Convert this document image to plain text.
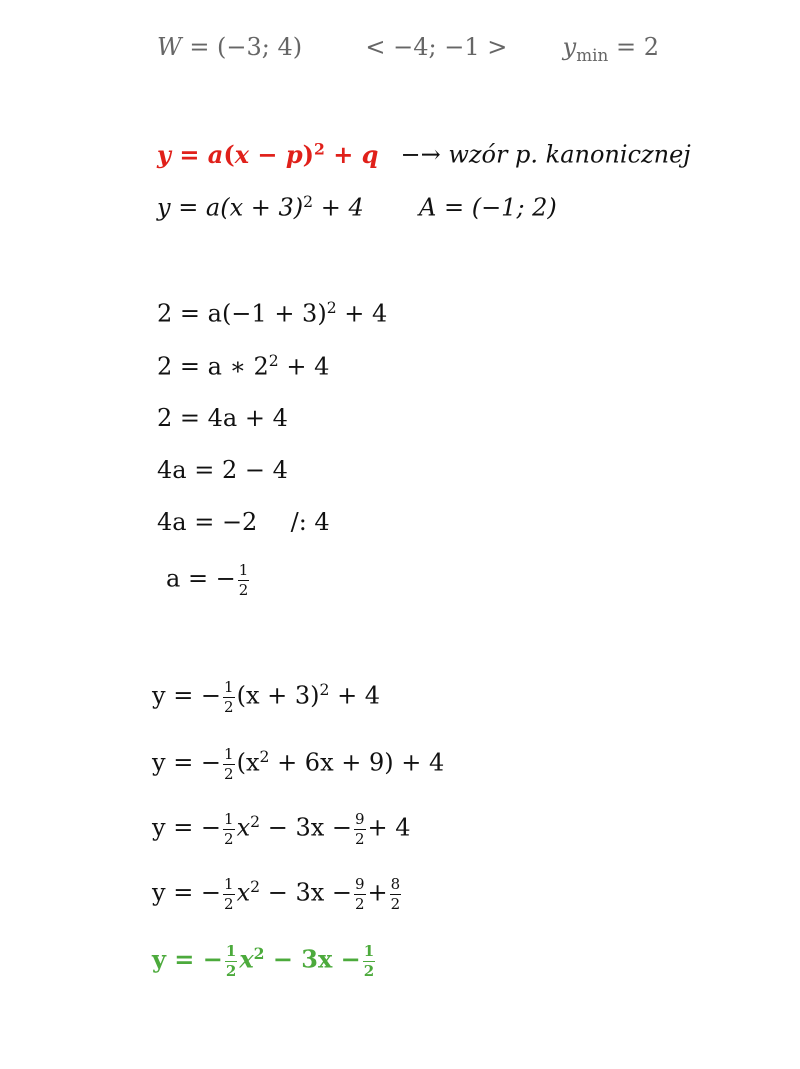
W = (−3; 4)	< −4; $-1 > y_{min} = 2$
$y = a(x - p)^2 + q$ −→ wzór p. kanonicznej
$y = a(x + 3)^2 + 4$ A = (−1; 2)
$2 = a(-1 + 3)^2 + 4$
2 = a ∗ $2^2 + 4$
2 = 4a + 4
4a = 2 − 4
4a = −2 /: 4
a = − $\frac{1}{2}$
y = − $\frac{1}{2} (x + 3)^2 + 4$
y = − $\frac{1}{2} (x^2 + 6x + 9) + 4$
y = − $\frac{1}{2} x^2 - 3x - \frac{9}{2} + 4$
y = − $\frac{1}{2} x^2 - 3x - \frac{9}{2} + \frac{8}{2}$
y = − $\frac{1}{2} x^2 - 3x - \frac{1}{2}$
